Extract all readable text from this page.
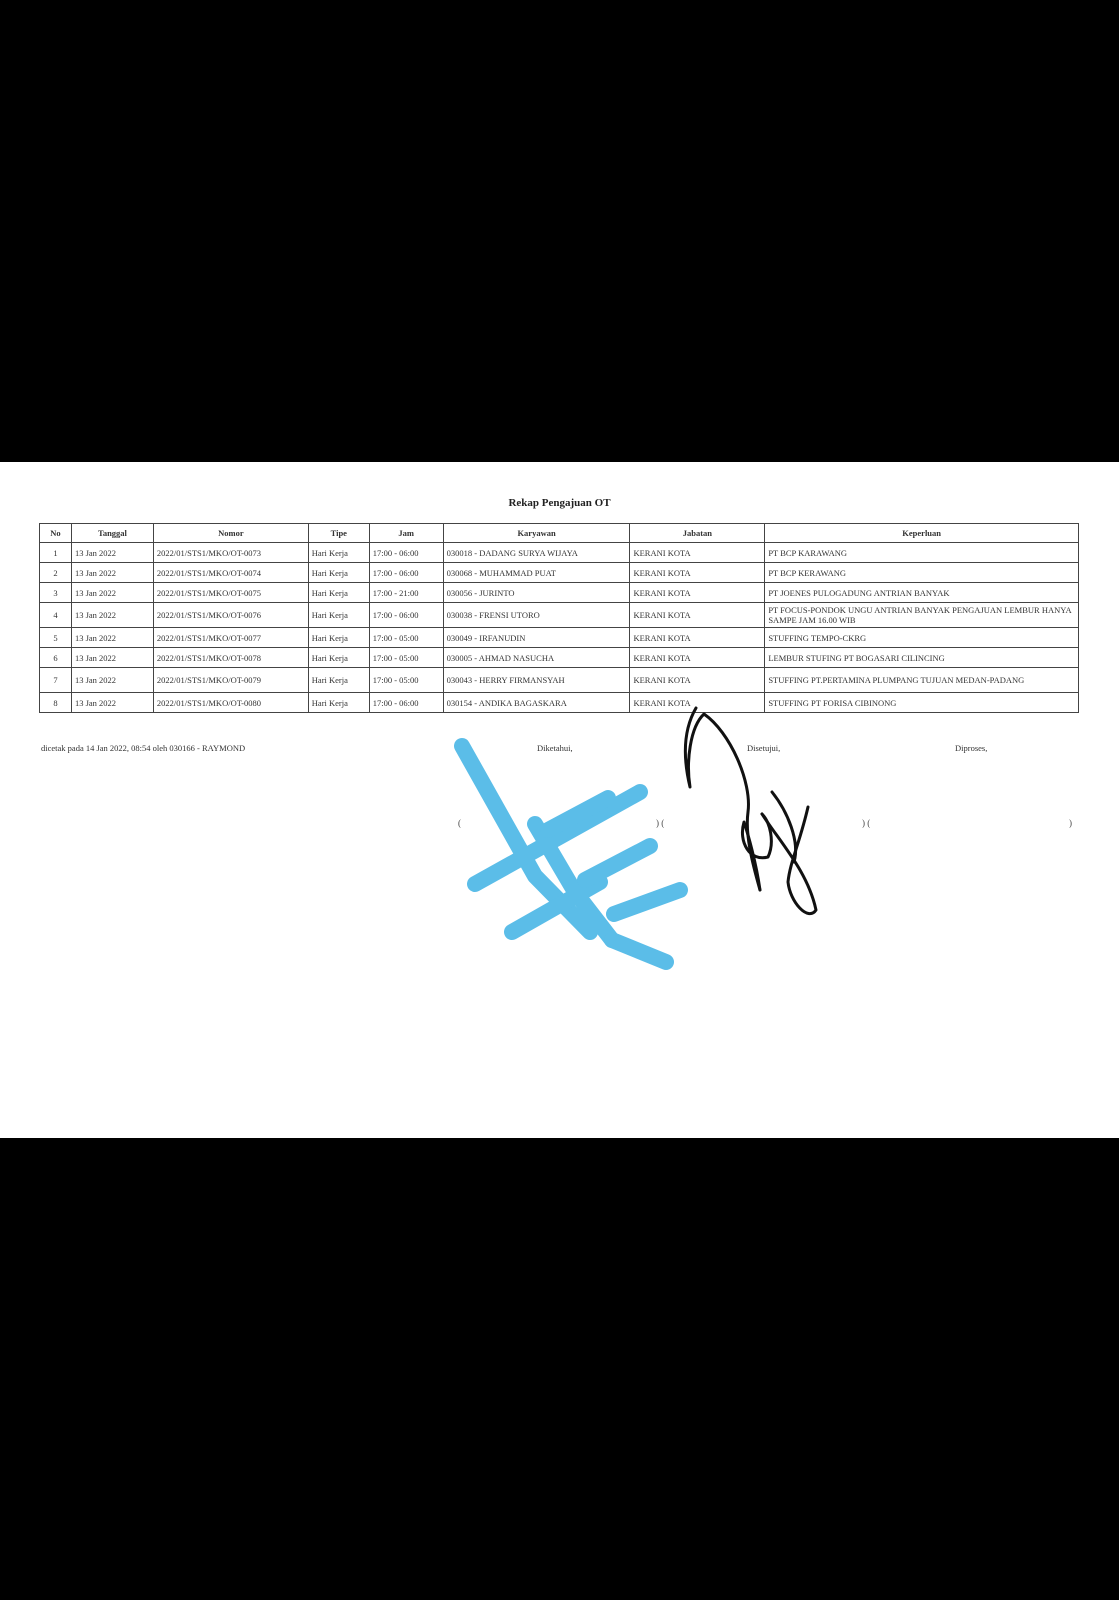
Rekap Pengajuan OT
No	Tanggal	Nomor	Tipe	Jam	Karyawan	Jabatan	Keperluan
1	13 Jan 2022	2022/01/STS1/MKO/OT-0073	Hari Kerja	17:00 - 06:00	030018 - DADANG SURYA WIJAYA	KERANI KOTA	PT BCP KARAWANG
2	13 Jan 2022	2022/01/STS1/MKO/OT-0074	Hari Kerja	17:00 - 06:00	030068 - MUHAMMAD PUAT	KERANI KOTA	PT BCP KERAWANG
3	13 Jan 2022	2022/01/STS1/MKO/OT-0075	Hari Kerja	17:00 - 21:00	030056 - JURINTO	KERANI KOTA	PT JOENES PULOGADUNG ANTRIAN BANYAK
4	13 Jan 2022	2022/01/STS1/MKO/OT-0076	Hari Kerja	17:00 - 06:00	030038 - FRENSI UTORO	KERANI KOTA	PT FOCUS-PONDOK UNGU ANTRIAN BANYAK PENGAJUAN LEMBUR HANYA SAMPE JAM 16.00 WIB
5	13 Jan 2022	2022/01/STS1/MKO/OT-0077	Hari Kerja	17:00 - 05:00	030049 - IRFANUDIN	KERANI KOTA	STUFFING TEMPO-CKRG
6	13 Jan 2022	2022/01/STS1/MKO/OT-0078	Hari Kerja	17:00 - 05:00	030005 - AHMAD NASUCHA	KERANI KOTA	LEMBUR STUFING PT BOGASARI CILINCING
7	13 Jan 2022	2022/01/STS1/MKO/OT-0079	Hari Kerja	17:00 - 05:00	030043 - HERRY FIRMANSYAH	KERANI KOTA	STUFFING PT.PERTAMINA PLUMPANG TUJUAN MEDAN-PADANG
8	13 Jan 2022	2022/01/STS1/MKO/OT-0080	Hari Kerja	17:00 - 06:00	030154 - ANDIKA BAGASKARA	KERANI KOTA	STUFFING PT FORISA CIBINONG
dicetak pada 14 Jan 2022, 08:54 oleh 030166 - RAYMOND	Diketahui,	Disetujui,	Diproses,
(	) (	) (	)
